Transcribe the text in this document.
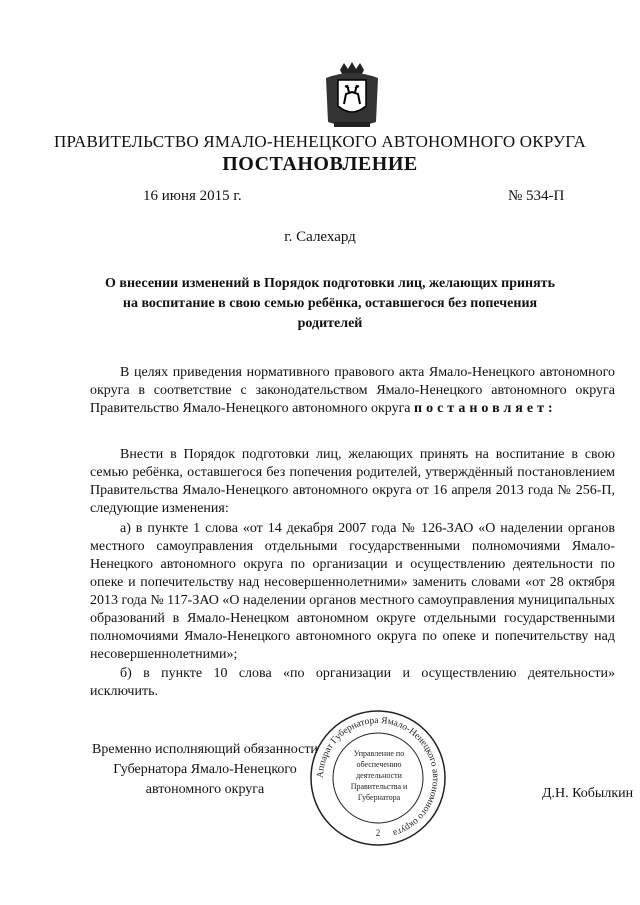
ПРАВИТЕЛЬСТВО ЯМАЛО-НЕНЕЦКОГО АВТОНОМНОГО ОКРУГА
ПОСТАНОВЛЕНИЕ
16 июня 2015 г.	№ 534-П
г. Салехард
О внесении изменений в Порядок подготовки лиц, желающих принять на воспитание в свою семью ребёнка, оставшегося без попечения родителей
В целях приведения нормативного правового акта Ямало-Ненецкого автономного округа в соответствие с законодательством Ямало-Ненецкого автономного округа Правительство Ямало-Ненецкого автономного округа постановляет:
Внести в Порядок подготовки лиц, желающих принять на воспитание в свою семью ребёнка, оставшегося без попечения родителей, утверждённый постановлением Правительства Ямало-Ненецкого автономного округа от 16 апреля 2013 года № 256-П, следующие изменения:
а) в пункте 1 слова «от 14 декабря 2007 года № 126-ЗАО «О наделении органов местного самоуправления отдельными государственными полномочиями Ямало-Ненецкого автономного округа по организации и осуществлению деятельности по опеке и попечительству над несовершеннолетними» заменить словами «от 28 октября 2013 года № 117-ЗАО «О наделении органов местного самоуправления муниципальных образований в Ямало-Ненецком автономном округе отдельными государственными полномочиями Ямало-Ненецкого автономного округа по опеке и попечительству над несовершеннолетними»;
б) в пункте 10 слова «по организации и осуществлению деятельности» исключить.
Временно исполняющий обязанности
Губернатора Ямало-Ненецкого
автономного округа
Аппарат Губернатора Ямало-Ненецкого автономного округа
2
Управление по обеспечению деятельности Правительства и Губернатора	Д.Н. Кобылкин
